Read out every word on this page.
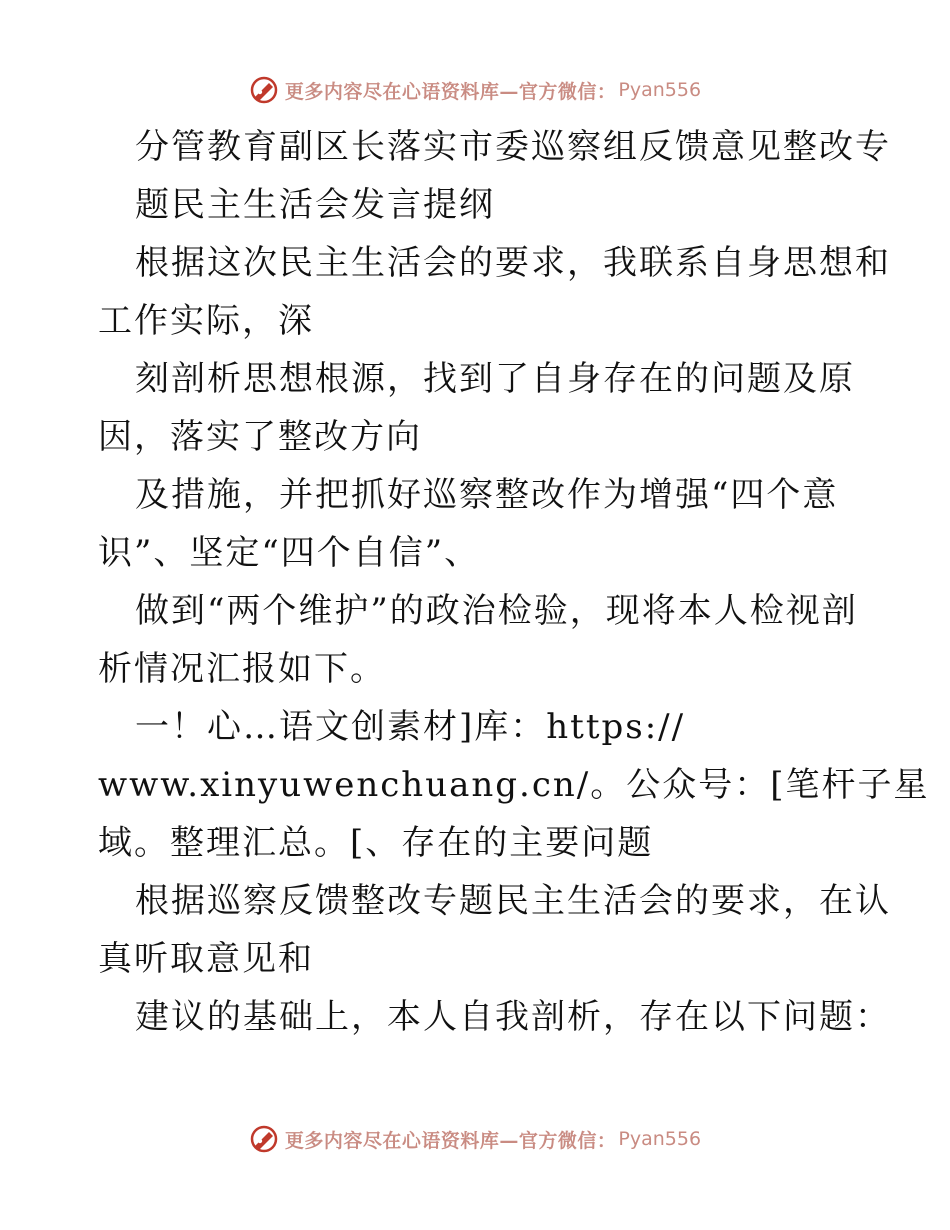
更多内容尽在心语资料库—官方微信： Pyan556
分管教育副区长落实市委巡察组反馈意见整改专
题民主生活会发言提纲
根据这次民主生活会的要求，我联系自身思想和
工作实际，深
刻剖析思想根源，找到了自身存在的问题及原
因，落实了整改方向
及措施，并把抓好巡察整改作为增强“四个意
识”、坚定“四个自信”、
做到“两个维护”的政治检验，现将本人检视剖
析情况汇报如下。
一！心…语文创素材]库：https://
www.xinyuwenchuang.cn/。公众号：[笔杆子星
域。整理汇总。[、存在的主要问题
根据巡察反馈整改专题民主生活会的要求，在认
真听取意见和
建议的基础上，本人自我剖析，存在以下问题：
更多内容尽在心语资料库—官方微信： Pyan556
